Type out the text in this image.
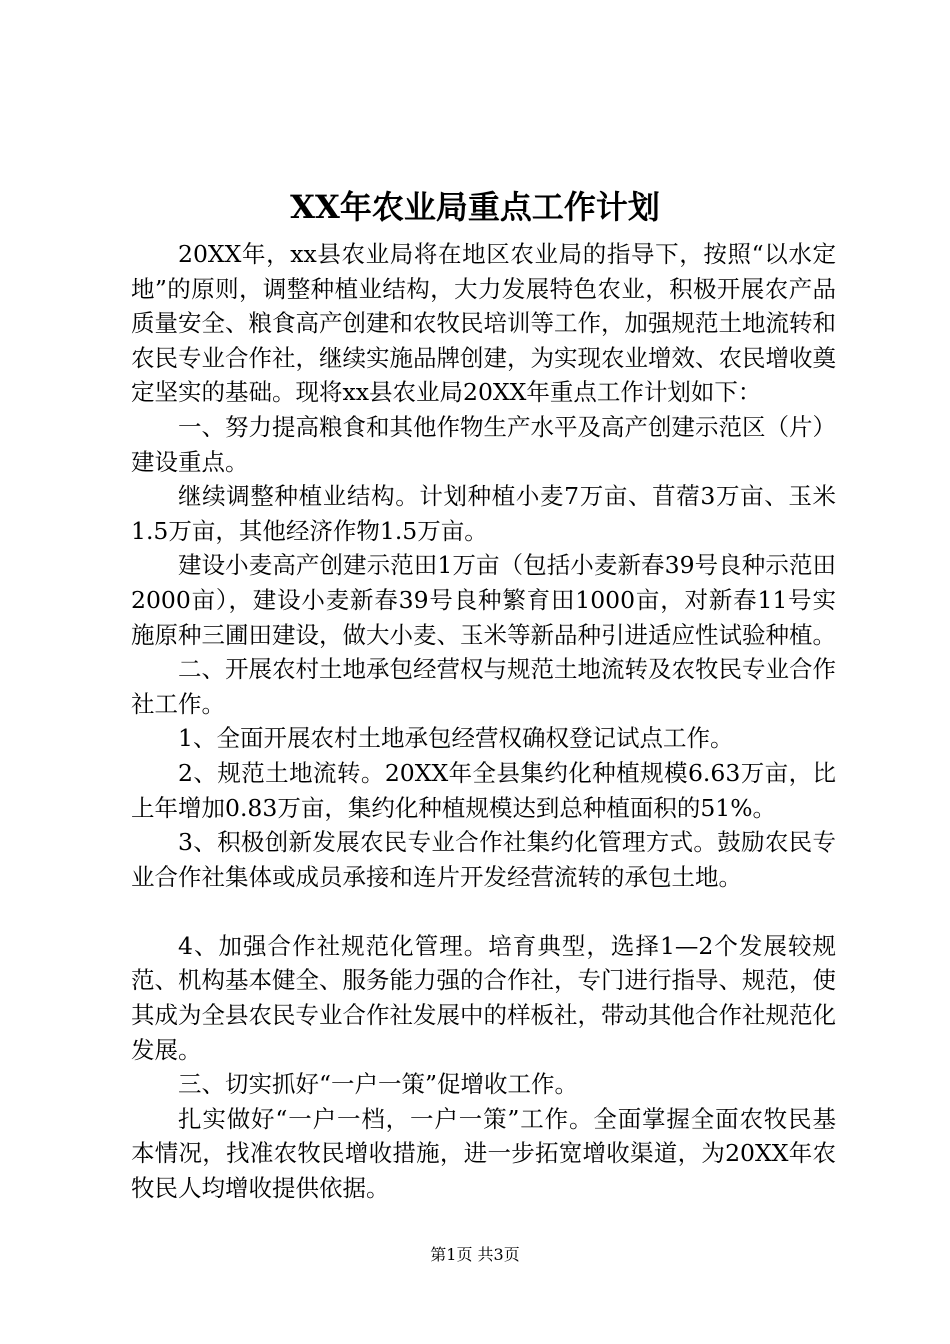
XX年农业局重点工作计划

20XX年，xx县农业局将在地区农业局的指导下，按照“以水定地”的原则，调整种植业结构，大力发展特色农业，积极开展农产品质量安全、粮食高产创建和农牧民培训等工作，加强规范土地流转和农民专业合作社，继续实施品牌创建，为实现农业增效、农民增收奠定坚实的基础。现将xx县农业局20XX年重点工作计划如下：

一、努力提高粮食和其他作物生产水平及高产创建示范区（片）建设重点。

继续调整种植业结构。计划种植小麦7万亩、苜蓿3万亩、玉米1.5万亩，其他经济作物1.5万亩。

建设小麦高产创建示范田1万亩（包括小麦新春39号良种示范田2000亩），建设小麦新春39号良种繁育田1000亩，对新春11号实施原种三圃田建设，做大小麦、玉米等新品种引进适应性试验种植。

二、开展农村土地承包经营权与规范土地流转及农牧民专业合作社工作。

1、全面开展农村土地承包经营权确权登记试点工作。

2、规范土地流转。20XX年全县集约化种植规模6.63万亩，比上年增加0.83万亩，集约化种植规模达到总种植面积的51%。

3、积极创新发展农民专业合作社集约化管理方式。鼓励农民专业合作社集体或成员承接和连片开发经营流转的承包土地。

4、加强合作社规范化管理。培育典型，选择1—2个发展较规范、机构基本健全、服务能力强的合作社，专门进行指导、规范，使其成为全县农民专业合作社发展中的样板社，带动其他合作社规范化发展。

三、切实抓好“一户一策”促增收工作。

扎实做好“一户一档，一户一策”工作。全面掌握全面农牧民基本情况，找准农牧民增收措施，进一步拓宽增收渠道，为20XX年农牧民人均增收提供依据。

第1页 共3页
